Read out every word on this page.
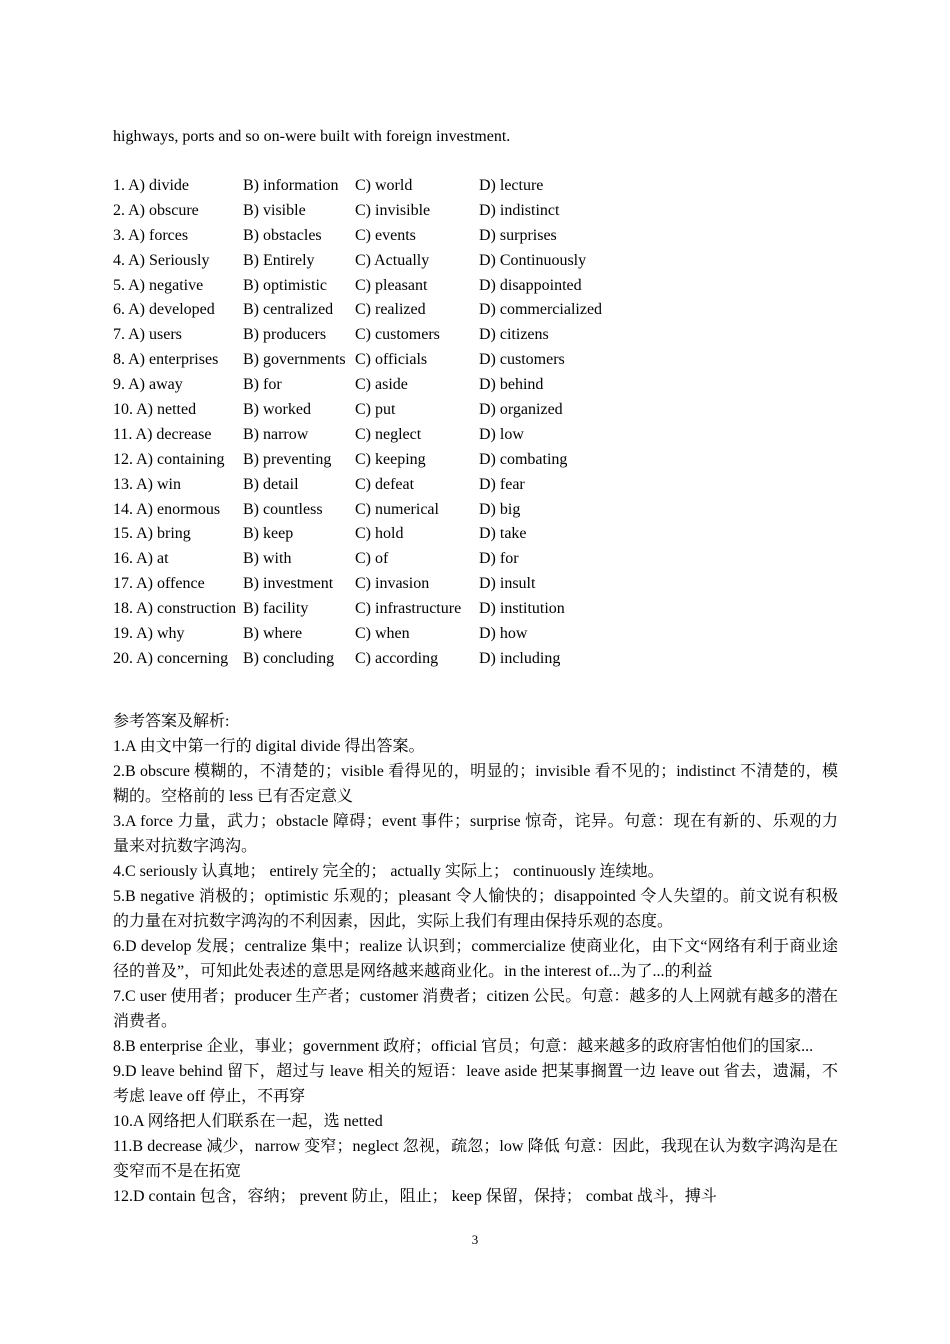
highways, ports and so on-were built with foreign investment.
1. A) divide	B) information	C) world	D) lecture
2. A) obscure	B) visible	C) invisible	D) indistinct
3. A) forces	B) obstacles	C) events	D) surprises
4. A) Seriously	B) Entirely	C) Actually	D) Continuously
5. A) negative	B) optimistic	C) pleasant	D) disappointed
6. A) developed	B) centralized	C) realized	D) commercialized
7. A) users	B) producers	C) customers	D) citizens
8. A) enterprises	B) governments C) officials	D) customers
9. A) away	B) for	C) aside	D) behind
10. A) netted	B) worked	C) put	D) organized
11. A) decrease	B) narrow	C) neglect	D) low
12. A) containing	B) preventing	C) keeping	D) combating
13. A) win	B) detail	C) defeat	D) fear
14. A) enormous	B) countless	C) numerical	D) big
15. A) bring	B) keep	C) hold	D) take
16. A) at	B) with	C) of	D) for
17. A) offence	B) investment	C) invasion	D) insult
18. A) construction B) facility	C) infrastructure	D) institution
19. A) why	B) where	C) when	D) how
20. A) concerning B) concluding	C) according	D) including
参考答案及解析:
1.A 由文中第一行的 digital divide 得出答案。
2.B obscure 模糊的，不清楚的；visible 看得见的，明显的；invisible 看不见的；indistinct 不清楚的，模糊的。空格前的 less 已有否定意义
3.A force 力量，武力；obstacle 障碍；event 事件；surprise 惊奇，诧异。句意：现在有新的、乐观的力量来对抗数字鸿沟。
4.C seriously 认真地； entirely 完全的； actually 实际上； continuously 连续地。
5.B negative 消极的；optimistic 乐观的；pleasant 令人愉快的；disappointed 令人失望的。前文说有积极的力量在对抗数字鸿沟的不利因素，因此，实际上我们有理由保持乐观的态度。
6.D develop 发展；centralize 集中；realize 认识到；commercialize 使商业化，由下文“网络有利于商业途径的普及”，可知此处表述的意思是网络越来越商业化。in the interest of...为了...的利益
7.C user 使用者；producer 生产者；customer 消费者；citizen 公民。句意：越多的人上网就有越多的潜在消费者。
8.B enterprise 企业，事业；government 政府；official 官员；句意：越来越多的政府害怕他们的国家...
9.D leave behind 留下，超过与 leave 相关的短语：leave aside 把某事搁置一边 leave out 省去，遗漏，不考虑 leave off 停止，不再穿
10.A 网络把人们联系在一起，选 netted
11.B decrease 减少，narrow 变窄；neglect 忽视，疏忽；low 降低 句意：因此，我现在认为数字鸿沟是在变窄而不是在拓宽
12.D contain 包含，容纳； prevent 防止，阻止； keep 保留，保持； combat 战斗，搏斗
3
